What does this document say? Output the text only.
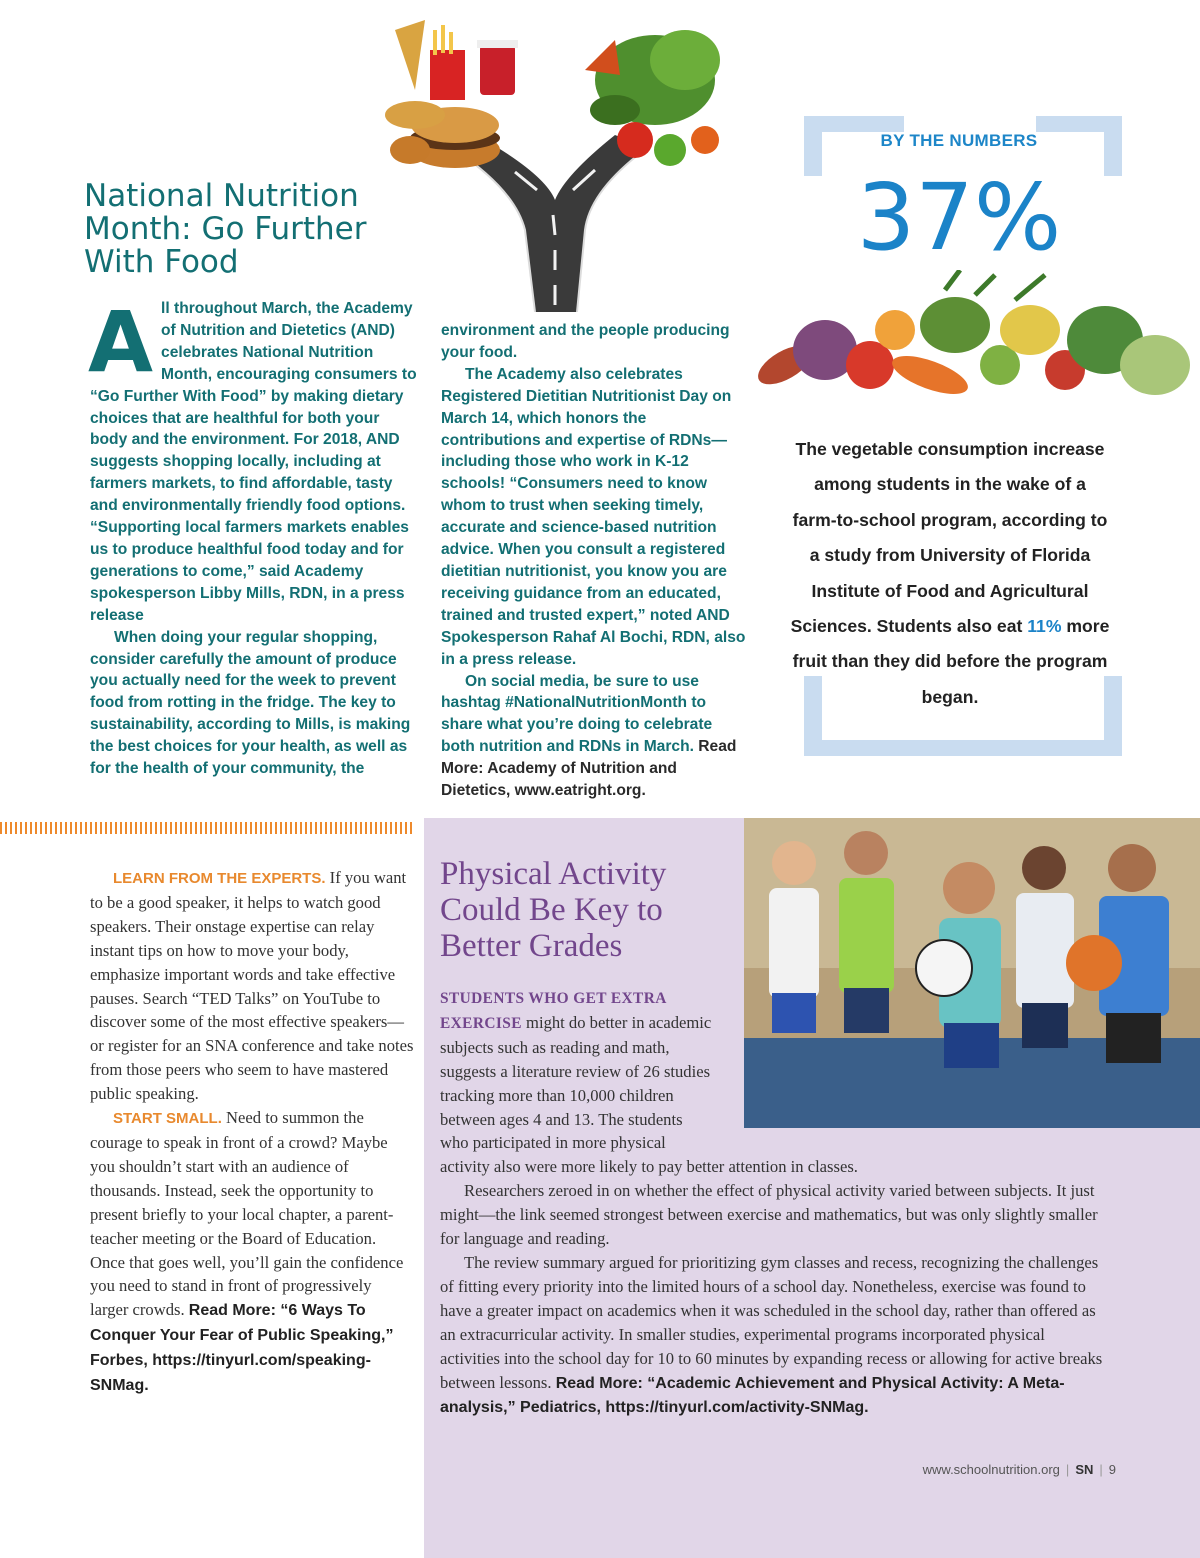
National Nutrition Month: Go Further With Food
A ll throughout March, the Academy of Nutrition and Dietetics (AND) celebrates National Nutrition Month, encouraging consumers to “Go Further With Food” by making dietary choices that are healthful for both your body and the environment. For 2018, AND suggests shopping locally, including at farmers markets, to find affordable, tasty and environmentally friendly food options. “Supporting local farmers markets enables us to produce healthful food today and for generations to come,” said Academy spokesperson Libby Mills, RDN, in a press release

When doing your regular shopping, consider carefully the amount of produce you actually need for the week to prevent food from rotting in the fridge. The key to sustainability, according to Mills, is making the best choices for your health, as well as for the health of your community, the

environment and the people producing your food.

The Academy also celebrates Registered Dietitian Nutritionist Day on March 14, which honors the contributions and expertise of RDNs—including those who work in K-12 schools! “Consumers need to know whom to trust when seeking timely, accurate and science-based nutrition advice. When you consult a registered dietitian nutritionist, you know you are receiving guidance from an educated, trained and trusted expert,” noted AND Spokesperson Rahaf Al Bochi, RDN, also in a press release.

On social media, be sure to use hashtag #NationalNutritionMonth to share what you’re doing to celebrate both nutrition and RDNs in March. Read More: Academy of Nutrition and Dietetics, www.eatright.org.

BY THE NUMBERS
37%
The vegetable consumption increase among students in the wake of a farm-to-school program, according to a study from University of Florida Institute of Food and Agricultural Sciences. Students also eat 11% more fruit than they did before the program began.

LEARN FROM THE EXPERTS. If you want to be a good speaker, it helps to watch good speakers. Their onstage expertise can relay instant tips on how to move your body, emphasize important words and take effective pauses. Search “TED Talks” on YouTube to discover some of the most effective speakers—or register for an SNA conference and take notes from those peers who seem to have mastered public speaking.

START SMALL. Need to summon the courage to speak in front of a crowd? Maybe you shouldn’t start with an audience of thousands. Instead, seek the opportunity to present briefly to your local chapter, a parent-teacher meeting or the Board of Education. Once that goes well, you’ll gain the confidence you need to stand in front of progressively larger crowds. Read More: “6 Ways To Conquer Your Fear of Public Speaking,” Forbes, https://tinyurl.com/speaking-SNMag.

Physical Activity Could Be Key to Better Grades

STUDENTS WHO GET EXTRA EXERCISE might do better in academic subjects such as reading and math, suggests a literature review of 26 studies tracking more than 10,000 children between ages 4 and 13. The students who participated in more physical activity also were more likely to pay better attention in classes.

Researchers zeroed in on whether the effect of physical activity varied between subjects. It just might—the link seemed strongest between exercise and mathematics, but was only slightly smaller for language and reading.

The review summary argued for prioritizing gym classes and recess, recognizing the challenges of fitting every priority into the limited hours of a school day. Nonetheless, exercise was found to have a greater impact on academics when it was scheduled in the school day, rather than offered as an extracurricular activity. In smaller studies, experimental programs incorporated physical activities into the school day for 10 to 60 minutes by expanding recess or allowing for active breaks between lessons. Read More: “Academic Achievement and Physical Activity: A Meta-analysis,” Pediatrics, https://tinyurl.com/activity-SNMag.

www.schoolnutrition.org | SN | 9
